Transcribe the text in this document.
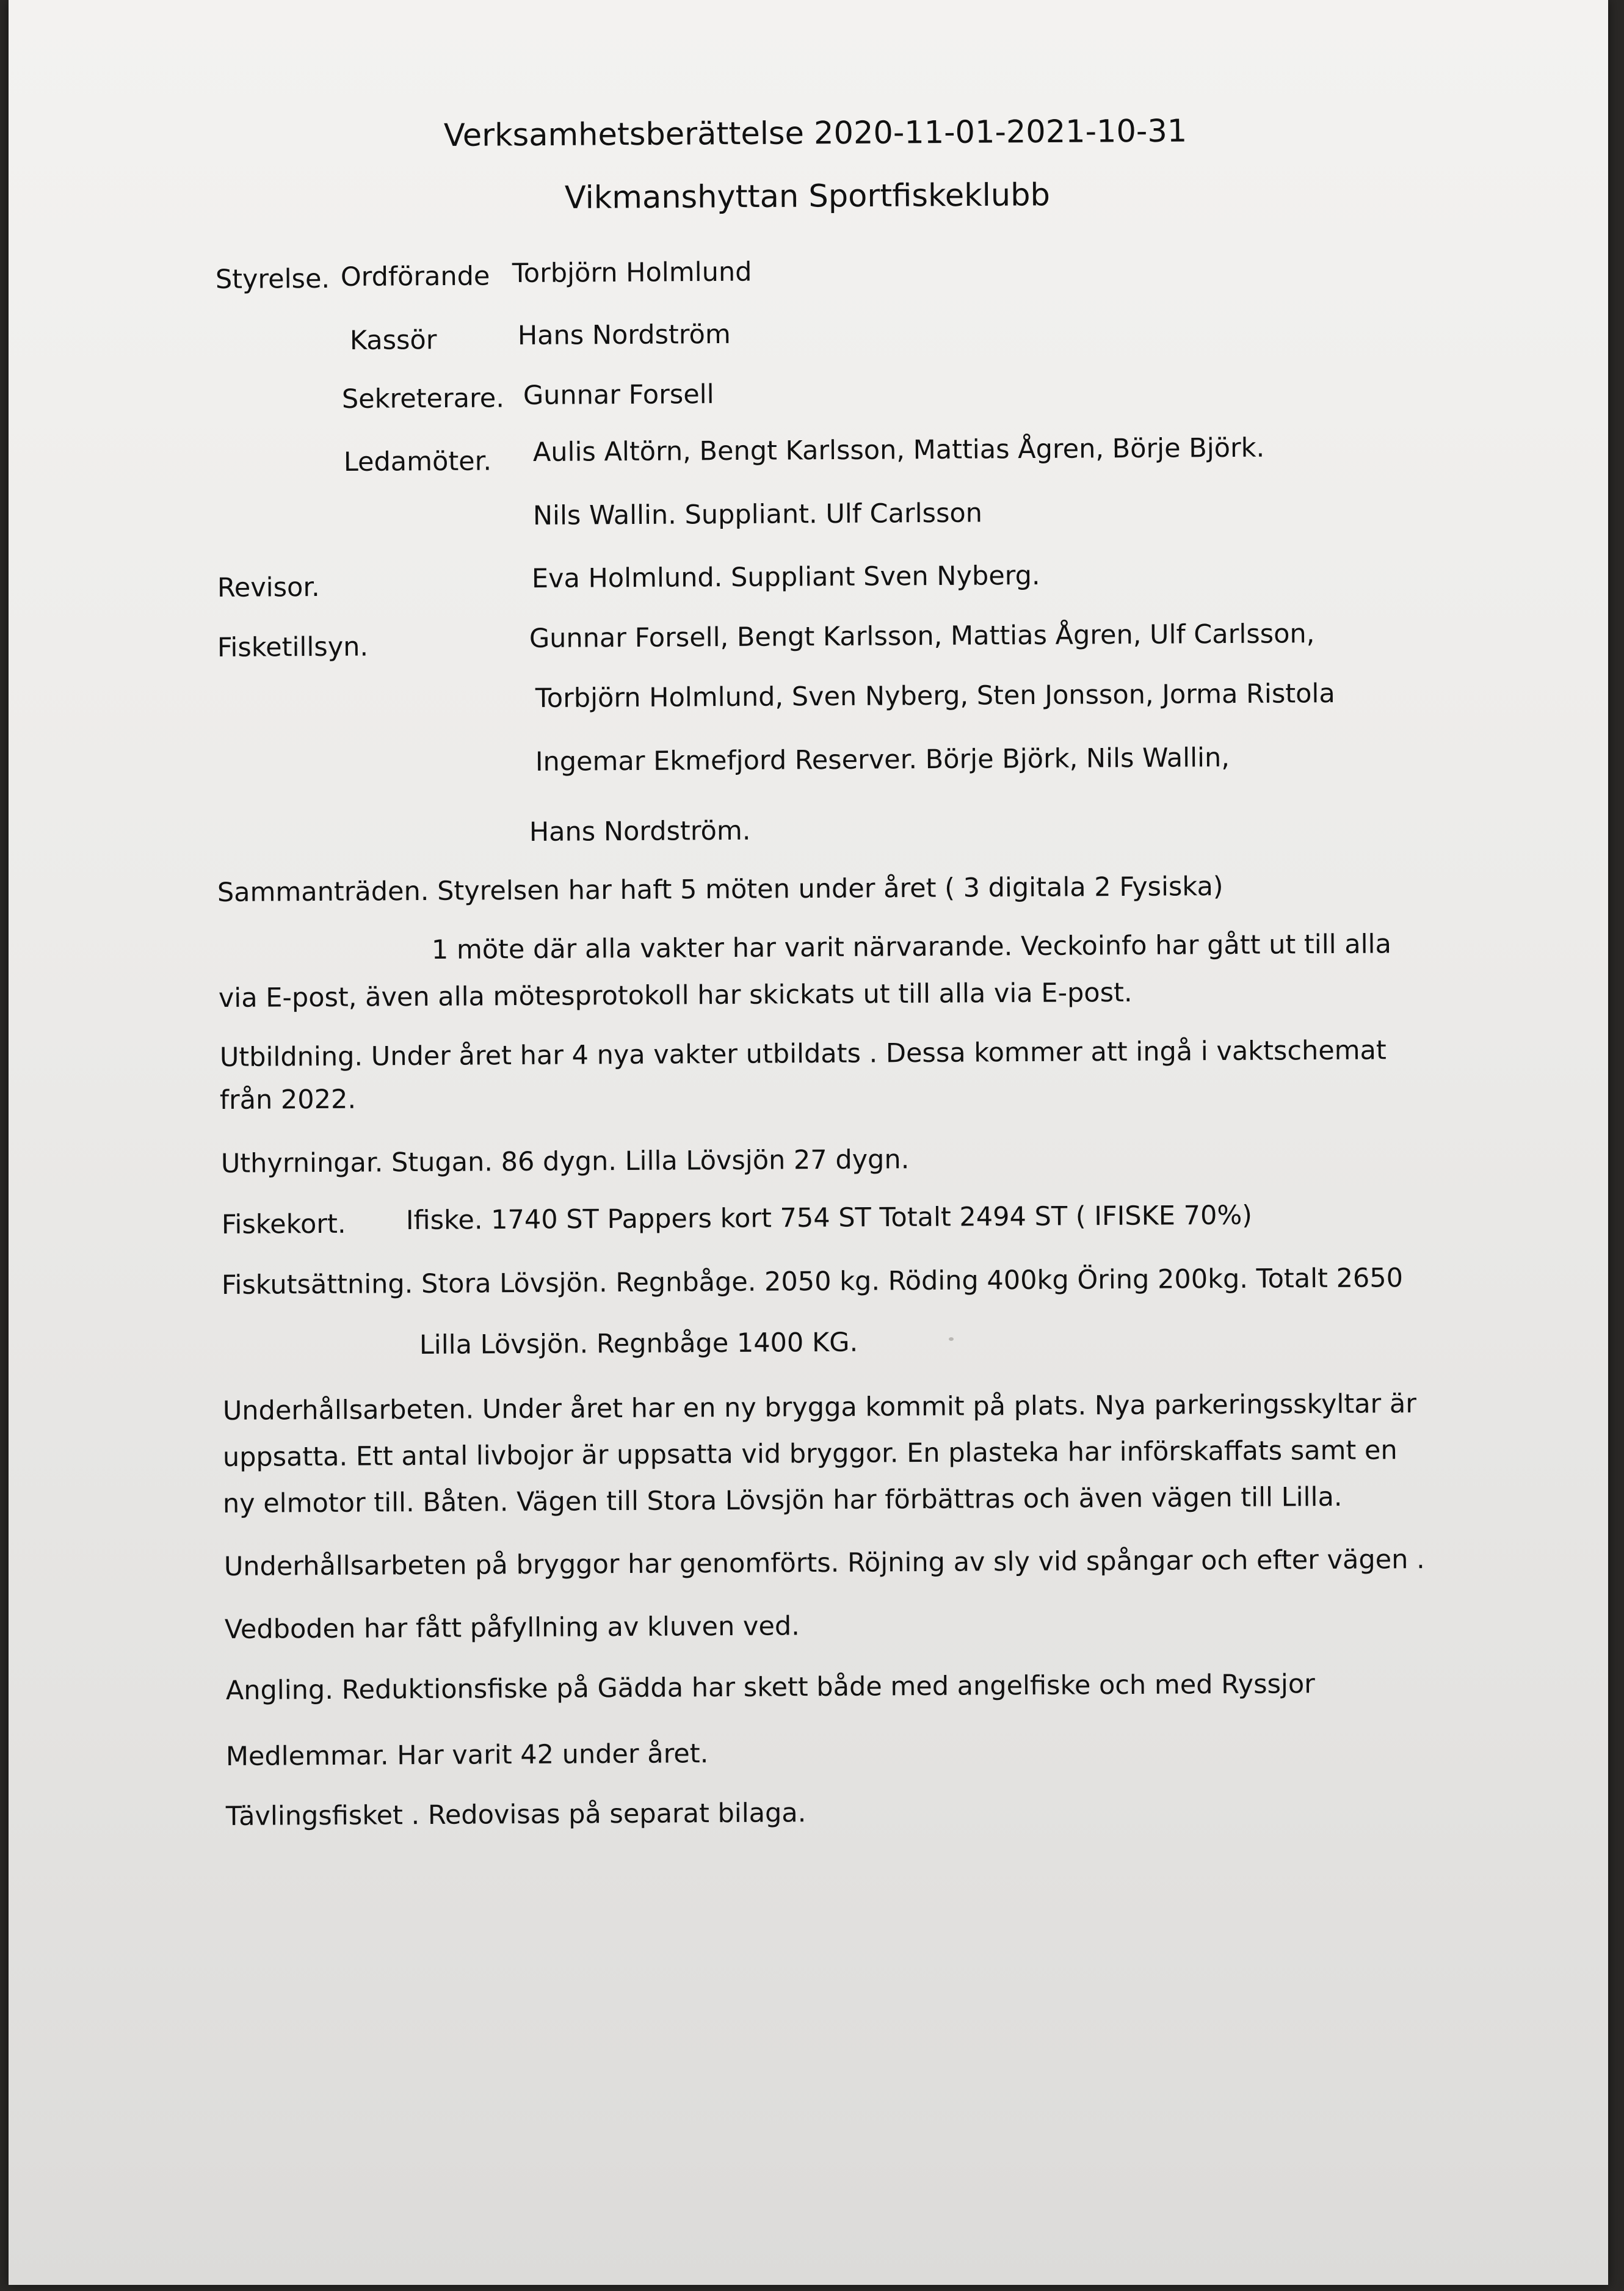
Verksamhetsberättelse 2020-11-01-2021-10-31
Vikmanshyttan Sportfiskeklubb
Styrelse. Ordförande Torbjörn Holmlund
Kassör	Hans Nordström
Sekreterare. Gunnar Forsell
Ledamöter. Aulis Altörn, Bengt Karlsson, Mattias Ågren, Börje Björk.
Nils Wallin. Suppliant. Ulf Carlsson
Revisor.	Eva Holmlund. Suppliant Sven Nyberg.
Fisketillsyn.	Gunnar Forsell, Bengt Karlsson, Mattias Ågren, Ulf Carlsson,
Torbjörn Holmlund, Sven Nyberg, Sten Jonsson, Jorma Ristola
Ingemar Ekmefjord Reserver. Börje Björk, Nils Wallin,
Hans Nordström.
Sammanträden. Styrelsen har haft 5 möten under året ( 3 digitala 2 Fysiska)
1 möte där alla vakter har varit närvarande. Veckoinfo har gått ut till alla
via E-post, även alla mötesprotokoll har skickats ut till alla via E-post.
Utbildning. Under året har 4 nya vakter utbildats . Dessa kommer att ingå i vaktschemat
från 2022.
Uthyrningar. Stugan. 86 dygn. Lilla Lövsjön 27 dygn.
Fiskekort. Ifiske. 1740 ST Pappers kort 754 ST Totalt 2494 ST ( IFISKE 70%)
Fiskutsättning. Stora Lövsjön. Regnbåge. 2050 kg. Röding 400kg Öring 200kg. Totalt 2650
Lilla Lövsjön. Regnbåge 1400 KG.
Underhållsarbeten. Under året har en ny brygga kommit på plats. Nya parkeringsskyltar är
uppsatta. Ett antal livbojor är uppsatta vid bryggor. En plasteka har införskaffats samt en
ny elmotor till. Båten. Vägen till Stora Lövsjön har förbättras och även vägen till Lilla.
Underhållsarbeten på bryggor har genomförts. Röjning av sly vid spångar och efter vägen .
Vedboden har fått påfyllning av kluven ved.
Angling. Reduktionsfiske på Gädda har skett både med angelfiske och med Ryssjor
Medlemmar. Har varit 42 under året.
Tävlingsfisket . Redovisas på separat bilaga.
